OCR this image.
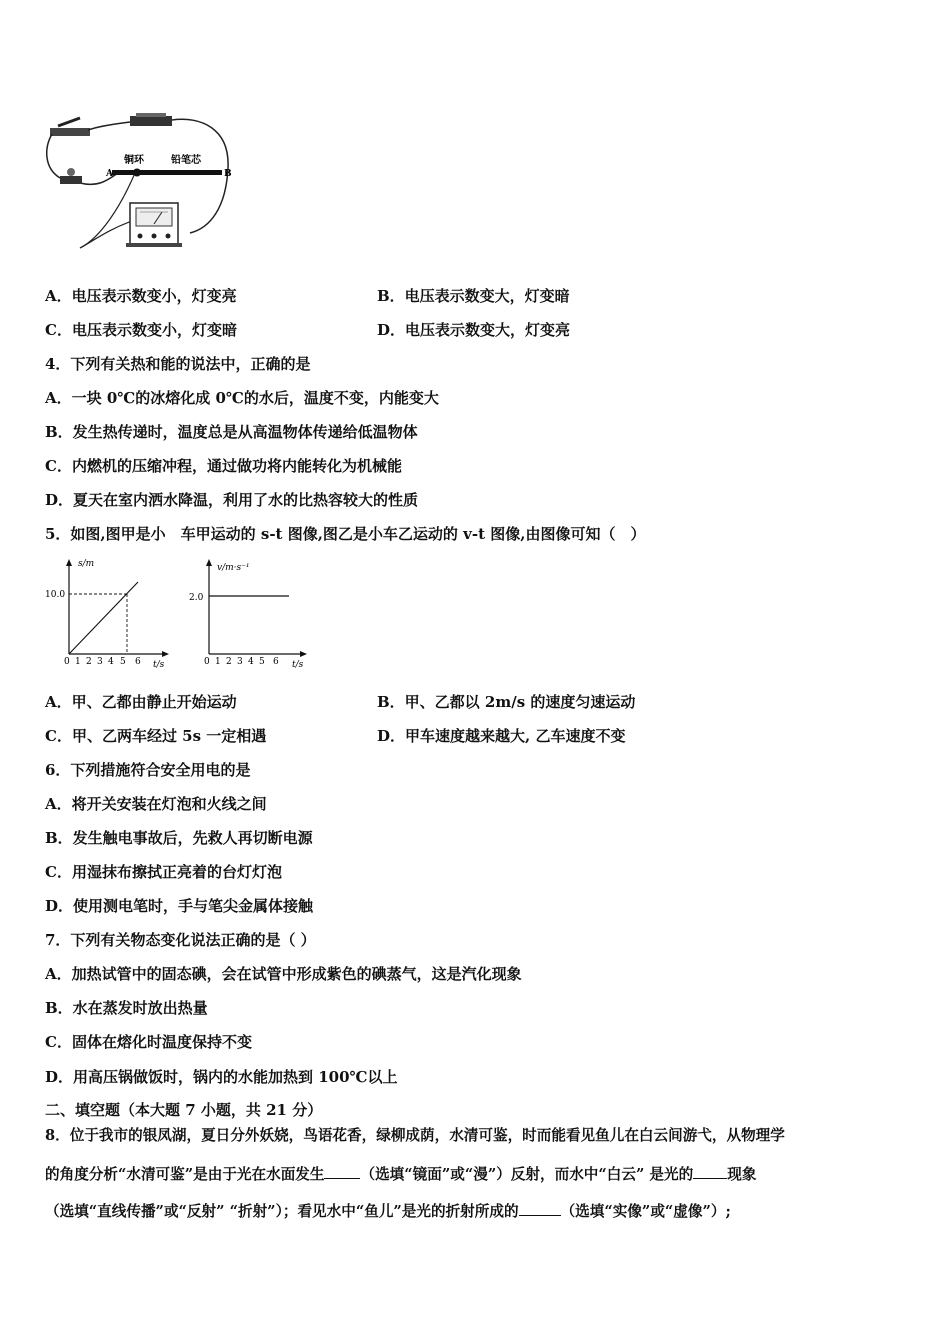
A	B
铜环	铅笔芯
A．电压表示数变小，灯变亮	B．电压表示数变大，灯变暗
C．电压表示数变小，灯变暗	D．电压表示数变大，灯变亮
4．下列有关热和能的说法中，正确的是
A．一块 0℃的冰熔化成 0℃的水后，温度不变，内能变大
B．发生热传递时，温度总是从高温物体传递给低温物体
C．内燃机的压缩冲程，通过做功将内能转化为机械能
D．夏天在室内洒水降温，利用了水的比热容较大的性质
5．如图,图甲是小　车甲运动的 s-t 图像,图乙是小车乙运动的 v-t 图像,由图像可知（　）
s/m
10.0
t/s
0 1 2 3 4 5 6
v/m·s⁻¹
2.0
t/s
0 1 2 3 4 5 6
A．甲、乙都由静止开始运动	B．甲、乙都以 2m/s 的速度匀速运动
C．甲、乙两车经过 5s 一定相遇	D．甲车速度越来越大, 乙车速度不变
6．下列措施符合安全用电的是
A．将开关安装在灯泡和火线之间
B．发生触电事故后，先救人再切断电源
C．用湿抹布擦拭正亮着的台灯灯泡
D．使用测电笔时，手与笔尖金属体接触
7．下列有关物态变化说法正确的是（ ）
A．加热试管中的固态碘，会在试管中形成紫色的碘蒸气，这是汽化现象
B．水在蒸发时放出热量
C．固体在熔化时温度保持不变
D．用高压锅做饭时，锅内的水能加热到 100℃以上
二、填空题（本大题 7 小题，共 21 分）
8．位于我市的银凤湖，夏日分外妖娆，鸟语花香，绿柳成荫，水清可鉴，时而能看见鱼儿在白云间游弋，从物理学
的角度分析“水清可鉴”是由于光在水面发生 （选填“镜面”或“漫”）反射，而水中“白云” 是光的 现象
（选填“直线传播”或“反射” “折射”）；看见水中“鱼儿”是光的折射所成的	（选填“实像”或“虚像”）;
